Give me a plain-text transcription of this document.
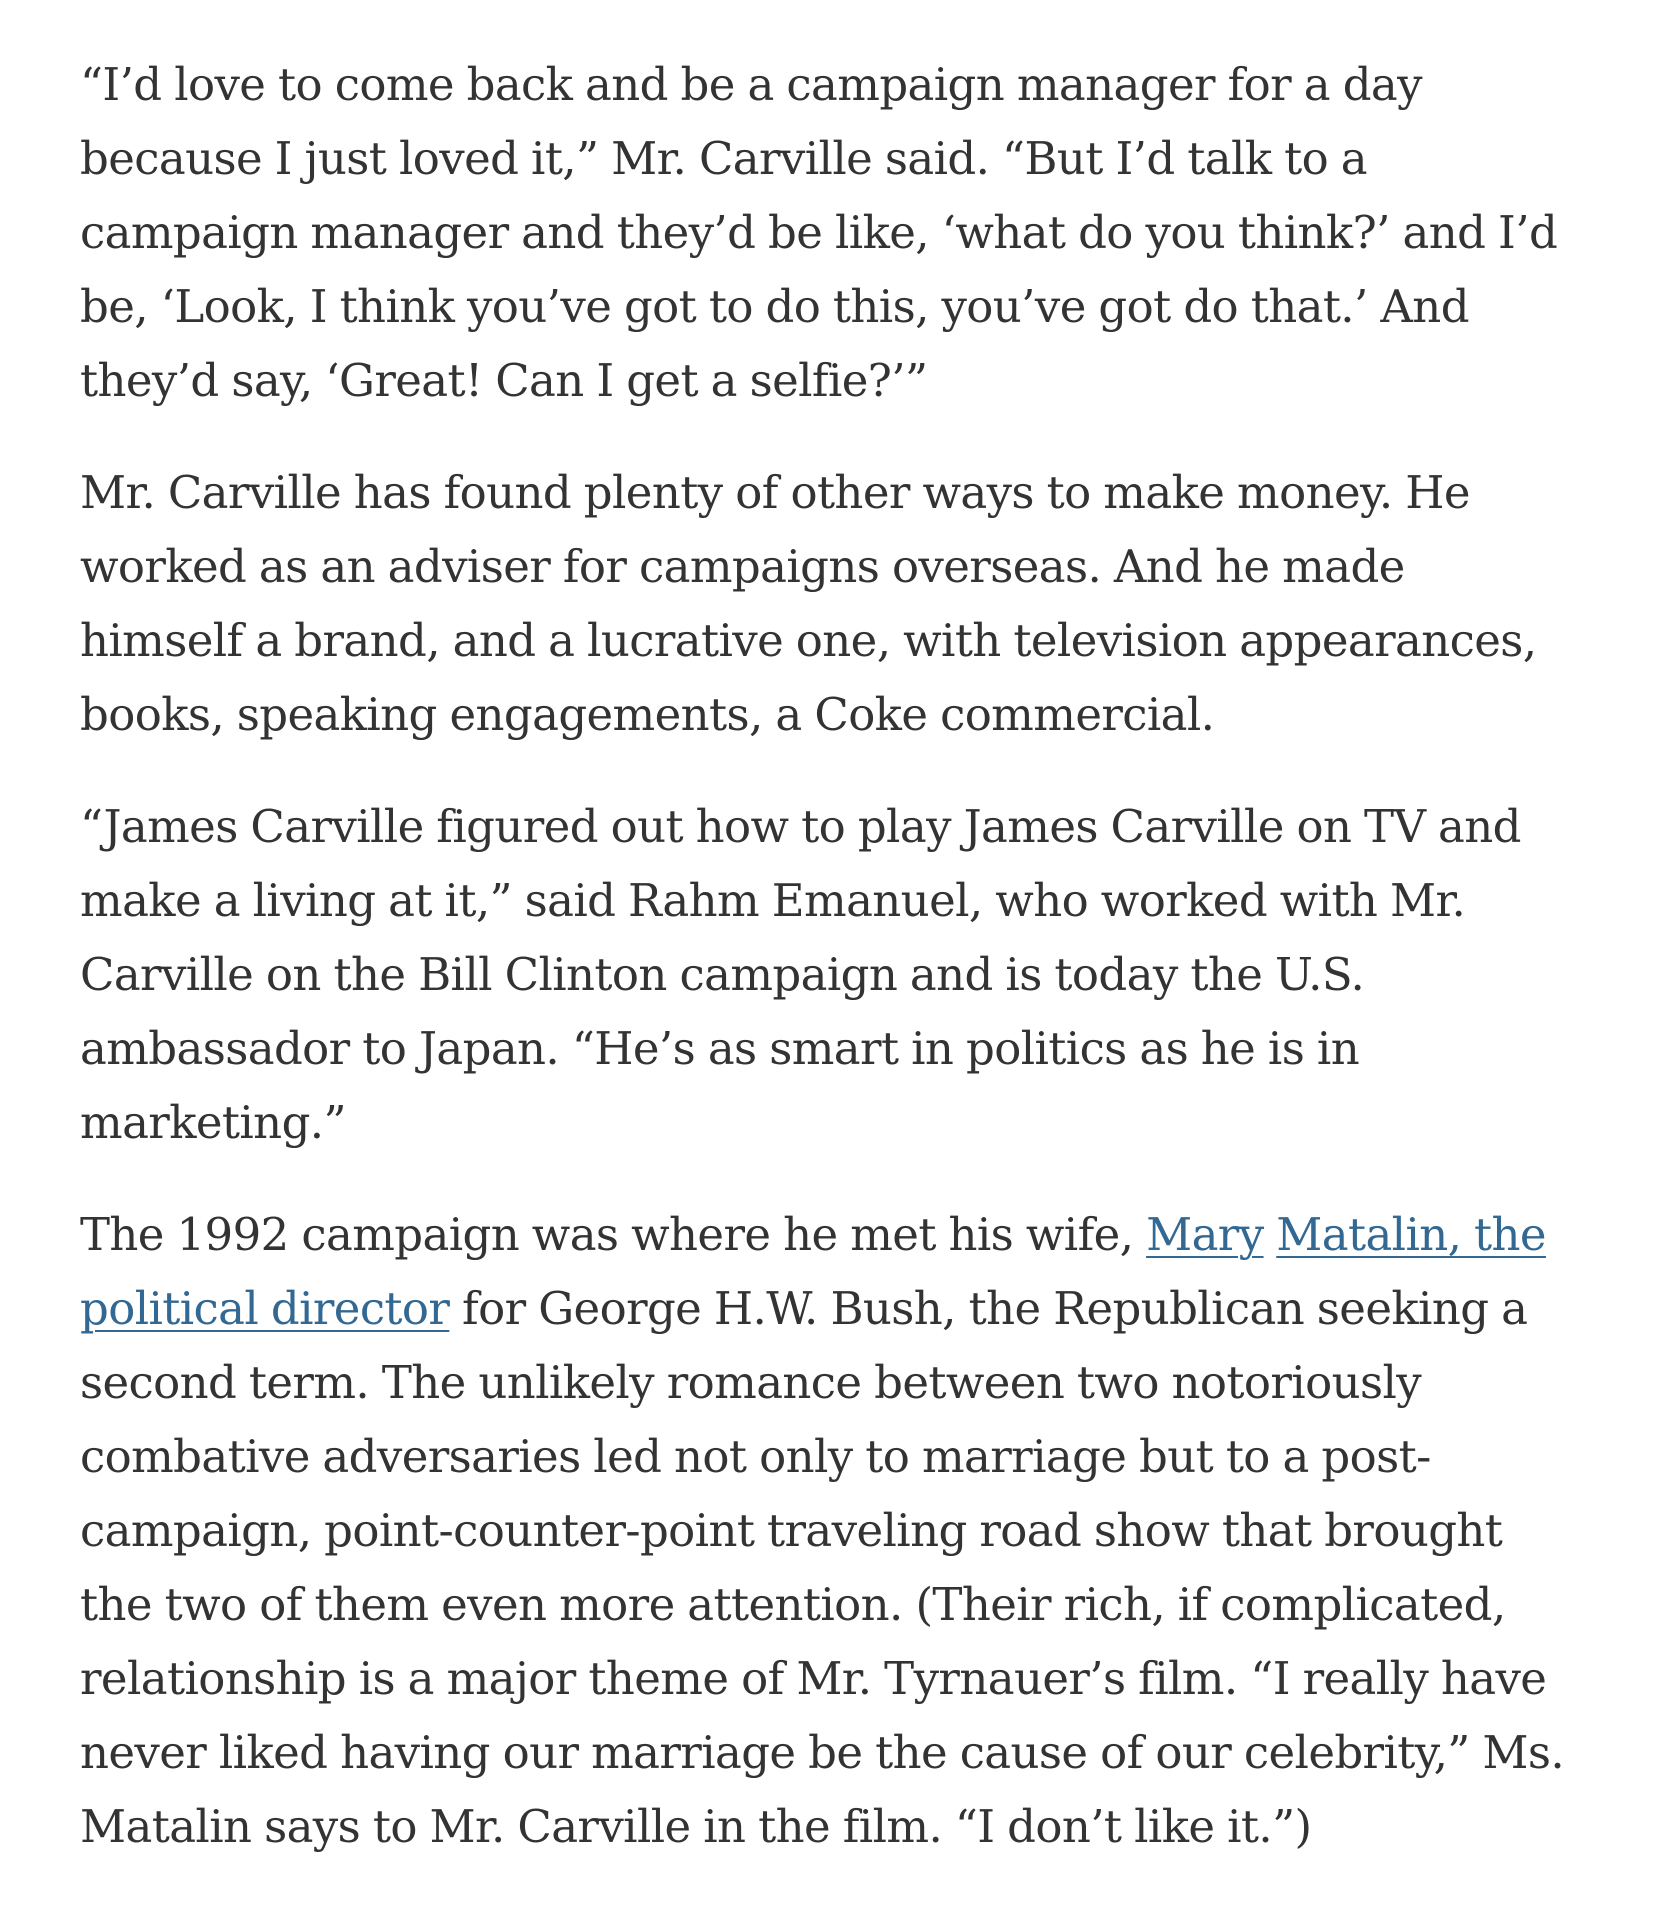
“I’d love to come back and be a campaign manager for a day
because I just loved it,” Mr. Carville said. “But I’d talk to a
campaign manager and they’d be like, ‘what do you think?’ and I’d
be, ‘Look, I think you’ve got to do this, you’ve got do that.’ And
they’d say, ‘Great! Can I get a selfie?’”

Mr. Carville has found plenty of other ways to make money. He
worked as an adviser for campaigns overseas. And he made
himself a brand, and a lucrative one, with television appearances,
books, speaking engagements, a Coke commercial.

“James Carville figured out how to play James Carville on TV and
make a living at it,” said Rahm Emanuel, who worked with Mr.
Carville on the Bill Clinton campaign and is today the U.S.
ambassador to Japan. “He’s as smart in politics as he is in
marketing.”

The 1992 campaign was where he met his wife, Mary Matalin, the
political director for George H.W. Bush, the Republican seeking a
second term. The unlikely romance between two notoriously
combative adversaries led not only to marriage but to a post-
campaign, point-counter-point traveling road show that brought
the two of them even more attention. (Their rich, if complicated,
relationship is a major theme of Mr. Tyrnauer’s film. “I really have
never liked having our marriage be the cause of our celebrity,” Ms.
Matalin says to Mr. Carville in the film. “I don’t like it.”)
